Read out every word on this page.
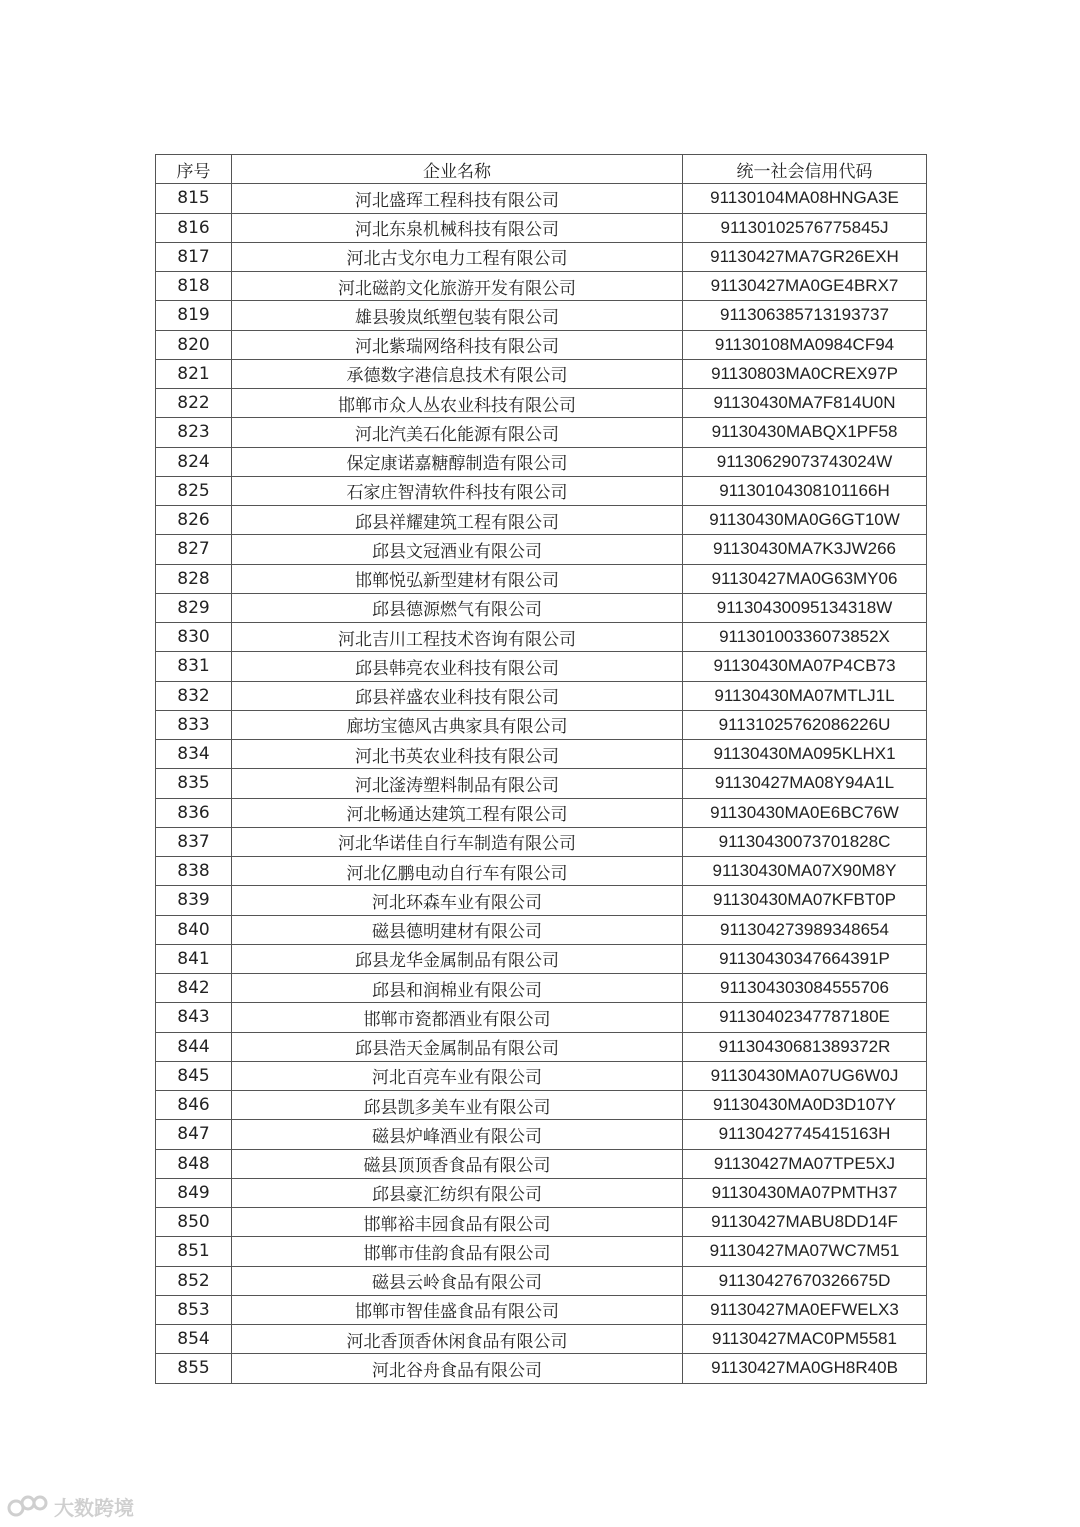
序号	企业名称	统一社会信用代码
815	河北盛珲工程科技有限公司	91130104MA08HNGA3E
816	河北东泉机械科技有限公司	91130102576775845J
817	河北古戈尔电力工程有限公司	91130427MA7GR26EXH
818	河北磁韵文化旅游开发有限公司	91130427MA0GE4BRX7
819	雄县骏岚纸塑包装有限公司	911306385713193737
820	河北紫瑞网络科技有限公司	91130108MA0984CF94
821	承德数字港信息技术有限公司	91130803MA0CREX97P
822	邯郸市众人丛农业科技有限公司	91130430MA7F814U0N
823	河北汽美石化能源有限公司	91130430MABQX1PF58
824	保定康诺嘉糖醇制造有限公司	91130629073743024W
825	石家庄智清软件科技有限公司	91130104308101166H
826	邱县祥耀建筑工程有限公司	91130430MA0G6GT10W
827	邱县文冠酒业有限公司	91130430MA7K3JW266
828	邯郸悦弘新型建材有限公司	91130427MA0G63MY06
829	邱县德源燃气有限公司	91130430095134318W
830	河北吉川工程技术咨询有限公司	91130100336073852X
831	邱县韩亮农业科技有限公司	91130430MA07P4CB73
832	邱县祥盛农业科技有限公司	91130430MA07MTLJ1L
833	廊坊宝德风古典家具有限公司	91131025762086226U
834	河北书英农业科技有限公司	91130430MA095KLHX1
835	河北滏涛塑料制品有限公司	91130427MA08Y94A1L
836	河北畅通达建筑工程有限公司	91130430MA0E6BC76W
837	河北华诺佳自行车制造有限公司	91130430073701828C
838	河北亿鹏电动自行车有限公司	91130430MA07X90M8Y
839	河北环森车业有限公司	91130430MA07KFBT0P
840	磁县德明建材有限公司	911304273989348654
841	邱县龙华金属制品有限公司	91130430347664391P
842	邱县和润棉业有限公司	911304303084555706
843	邯郸市瓷都酒业有限公司	91130402347787180E
844	邱县浩天金属制品有限公司	91130430681389372R
845	河北百亮车业有限公司	91130430MA07UG6W0J
846	邱县凯多美车业有限公司	91130430MA0D3D107Y
847	磁县炉峰酒业有限公司	91130427745415163H
848	磁县顶顶香食品有限公司	91130427MA07TPE5XJ
849	邱县豪汇纺织有限公司	91130430MA07PMTH37
850	邯郸裕丰园食品有限公司	91130427MABU8DD14F
851	邯郸市佳韵食品有限公司	91130427MA07WC7M51
852	磁县云岭食品有限公司	91130427670326675D
853	邯郸市智佳盛食品有限公司	91130427MA0EFWELX3
854	河北香顶香休闲食品有限公司	91130427MAC0PM5581
855	河北谷舟食品有限公司	91130427MA0GH8R40B
大数跨境
